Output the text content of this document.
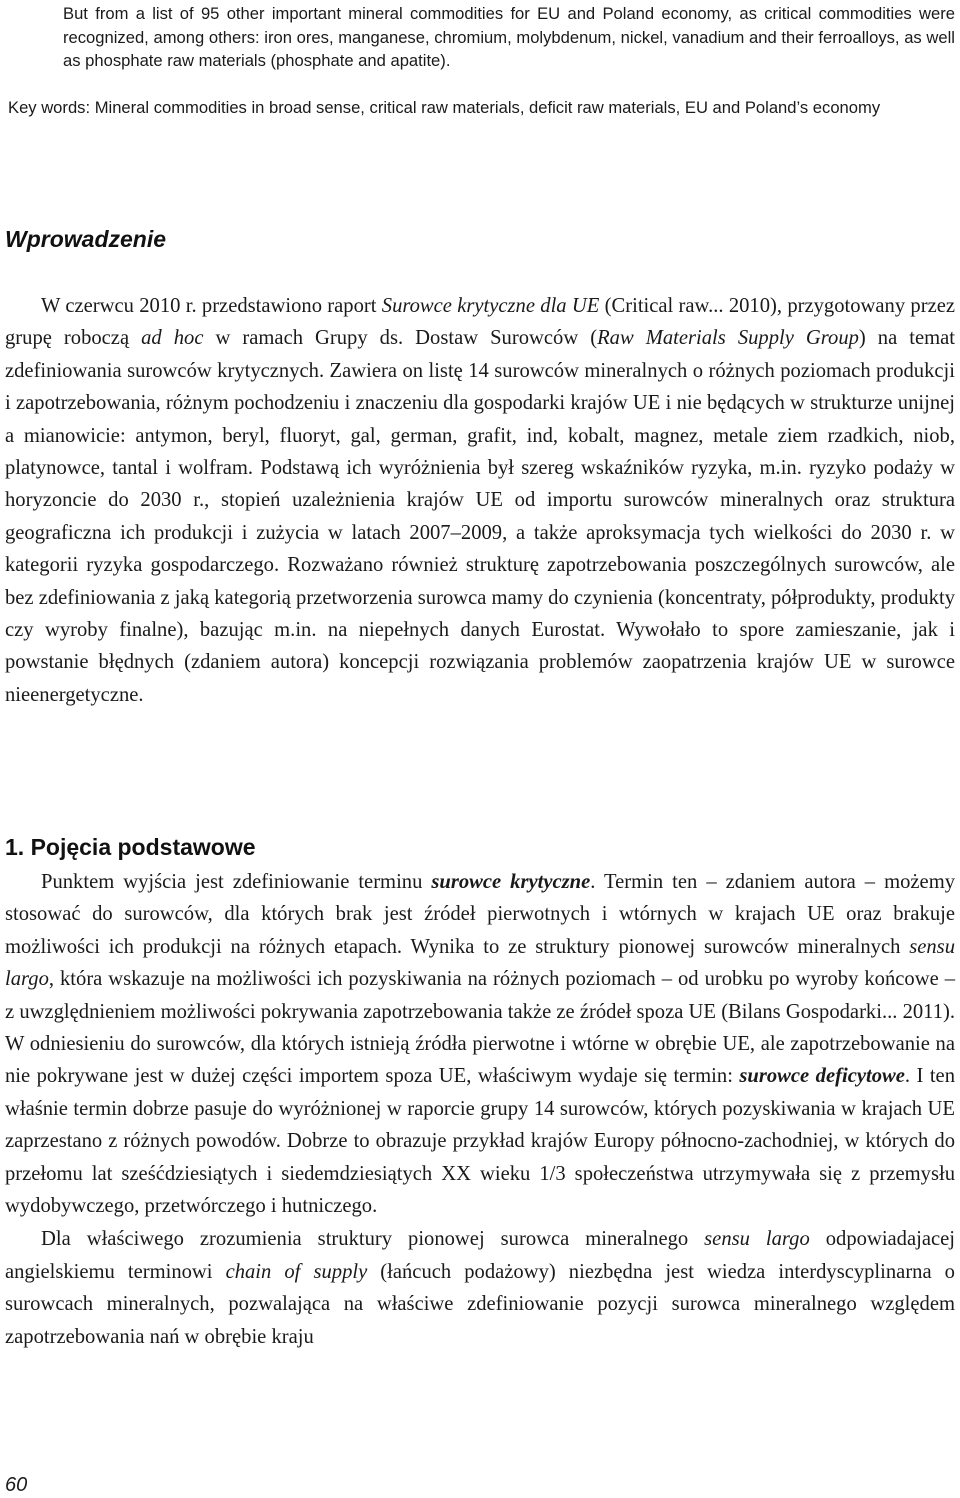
But from a list of 95 other important mineral commodities for EU and Poland economy, as critical commodities were recognized, among others: iron ores, manganese, chromium, molybdenum, nickel, vanadium and their ferroalloys, as well as phosphate raw materials (phosphate and apatite).

Key words: Mineral commodities in broad sense, critical raw materials, deficit raw materials, EU and Poland’s economy

Wprowadzenie

W czerwcu 2010 r. przedstawiono raport Surowce krytyczne dla UE (Critical raw... 2010), przygotowany przez grupę roboczą ad hoc w ramach Grupy ds. Dostaw Surowców (Raw Materials Supply Group) na temat zdefiniowania surowców krytycznych. Zawiera on listę 14 surowców mineralnych o różnych poziomach produkcji i zapotrzebowania, różnym pochodzeniu i znaczeniu dla gospodarki krajów UE i nie będących w strukturze unijnej a mianowicie: antymon, beryl, fluoryt, gal, german, grafit, ind, kobalt, magnez, metale ziem rzadkich, niob, platynowce, tantal i wolfram. Podstawą ich wyróżnienia był szereg wskaźników ryzyka, m.in. ryzyko podaży w horyzoncie do 2030 r., stopień uzależnienia krajów UE od importu surowców mineralnych oraz struktura geograficzna ich produkcji i zużycia w latach 2007–2009, a także aproksymacja tych wielkości do 2030 r. w kategorii ryzyka gospodarczego. Rozważano również strukturę zapotrzebowania poszczególnych surowców, ale bez zdefiniowania z jaką kategorią przetworzenia surowca mamy do czynienia (koncentraty, półprodukty, produkty czy wyroby finalne), bazując m.in. na niepełnych danych Eurostat. Wywołało to spore zamieszanie, jak i powstanie błędnych (zdaniem autora) koncepcji rozwiązania problemów zaopatrzenia krajów UE w surowce nieenergetyczne.

1. Pojęcia podstawowe

Punktem wyjścia jest zdefiniowanie terminu surowce krytyczne. Termin ten – zdaniem autora – możemy stosować do surowców, dla których brak jest źródeł pierwotnych i wtórnych w krajach UE oraz brakuje możliwości ich produkcji na różnych etapach. Wynika to ze struktury pionowej surowców mineralnych sensu largo, która wskazuje na możliwości ich pozyskiwania na różnych poziomach – od urobku po wyroby końcowe – z uwzględnieniem możliwości pokrywania zapotrzebowania także ze źródeł spoza UE (Bilans Gospodarki... 2011). W odniesieniu do surowców, dla których istnieją źródła pierwotne i wtórne w obrębie UE, ale zapotrzebowanie na nie pokrywane jest w dużej części importem spoza UE, właściwym wydaje się termin: surowce deficytowe. I ten właśnie termin dobrze pasuje do wyróżnionej w raporcie grupy 14 surowców, których pozyskiwania w krajach UE zaprzestano z różnych powodów. Dobrze to obrazuje przykład krajów Europy północno-zachodniej, w których do przełomu lat sześćdziesiątych i siedemdziesiątych XX wieku 1/3 społeczeństwa utrzymywała się z przemysłu wydobywczego, przetwórczego i hutniczego.

Dla właściwego zrozumienia struktury pionowej surowca mineralnego sensu largo odpowiadajacej angielskiemu terminowi chain of supply (łańcuch podażowy) niezbędna jest wiedza interdyscyplinarna o surowcach mineralnych, pozwalająca na właściwe zdefiniowanie pozycji surowca mineralnego względem zapotrzebowania nań w obrębie kraju

60
